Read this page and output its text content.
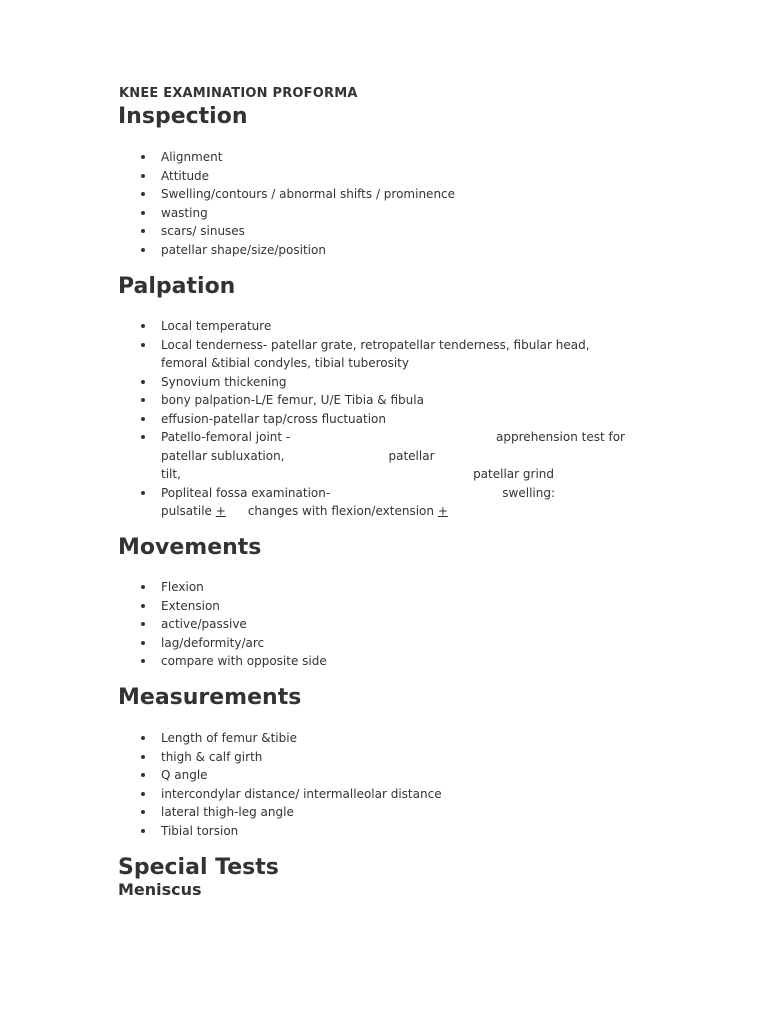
KNEE EXAMINATION PROFORMA

Inspection
Alignment
Attitude
Swelling/contours / abnormal shifts / prominence
wasting
scars/ sinuses
patellar shape/size/position
Palpation
Local temperature
Local tenderness- patellar grate, retropatellar tenderness, fibular head, femoral &tibial condyles, tibial tuberosity
Synovium thickening
bony palpation-L/E femur, U/E Tibia & fibula
effusion-patellar tap/cross fluctuation
Patello-femoral joint -	apprehension test for
patellar subluxation,	patellar
tilt,	patellar grind
Popliteal fossa examination-	swelling:
pulsatile + changes with flexion/extension +
Movements
Flexion
Extension
active/passive
lag/deformity/arc
compare with opposite side
Measurements
Length of femur &tibie
thigh & calf girth
Q angle
intercondylar distance/ intermalleolar distance
lateral thigh-leg angle
Tibial torsion
Special Tests
Meniscus
